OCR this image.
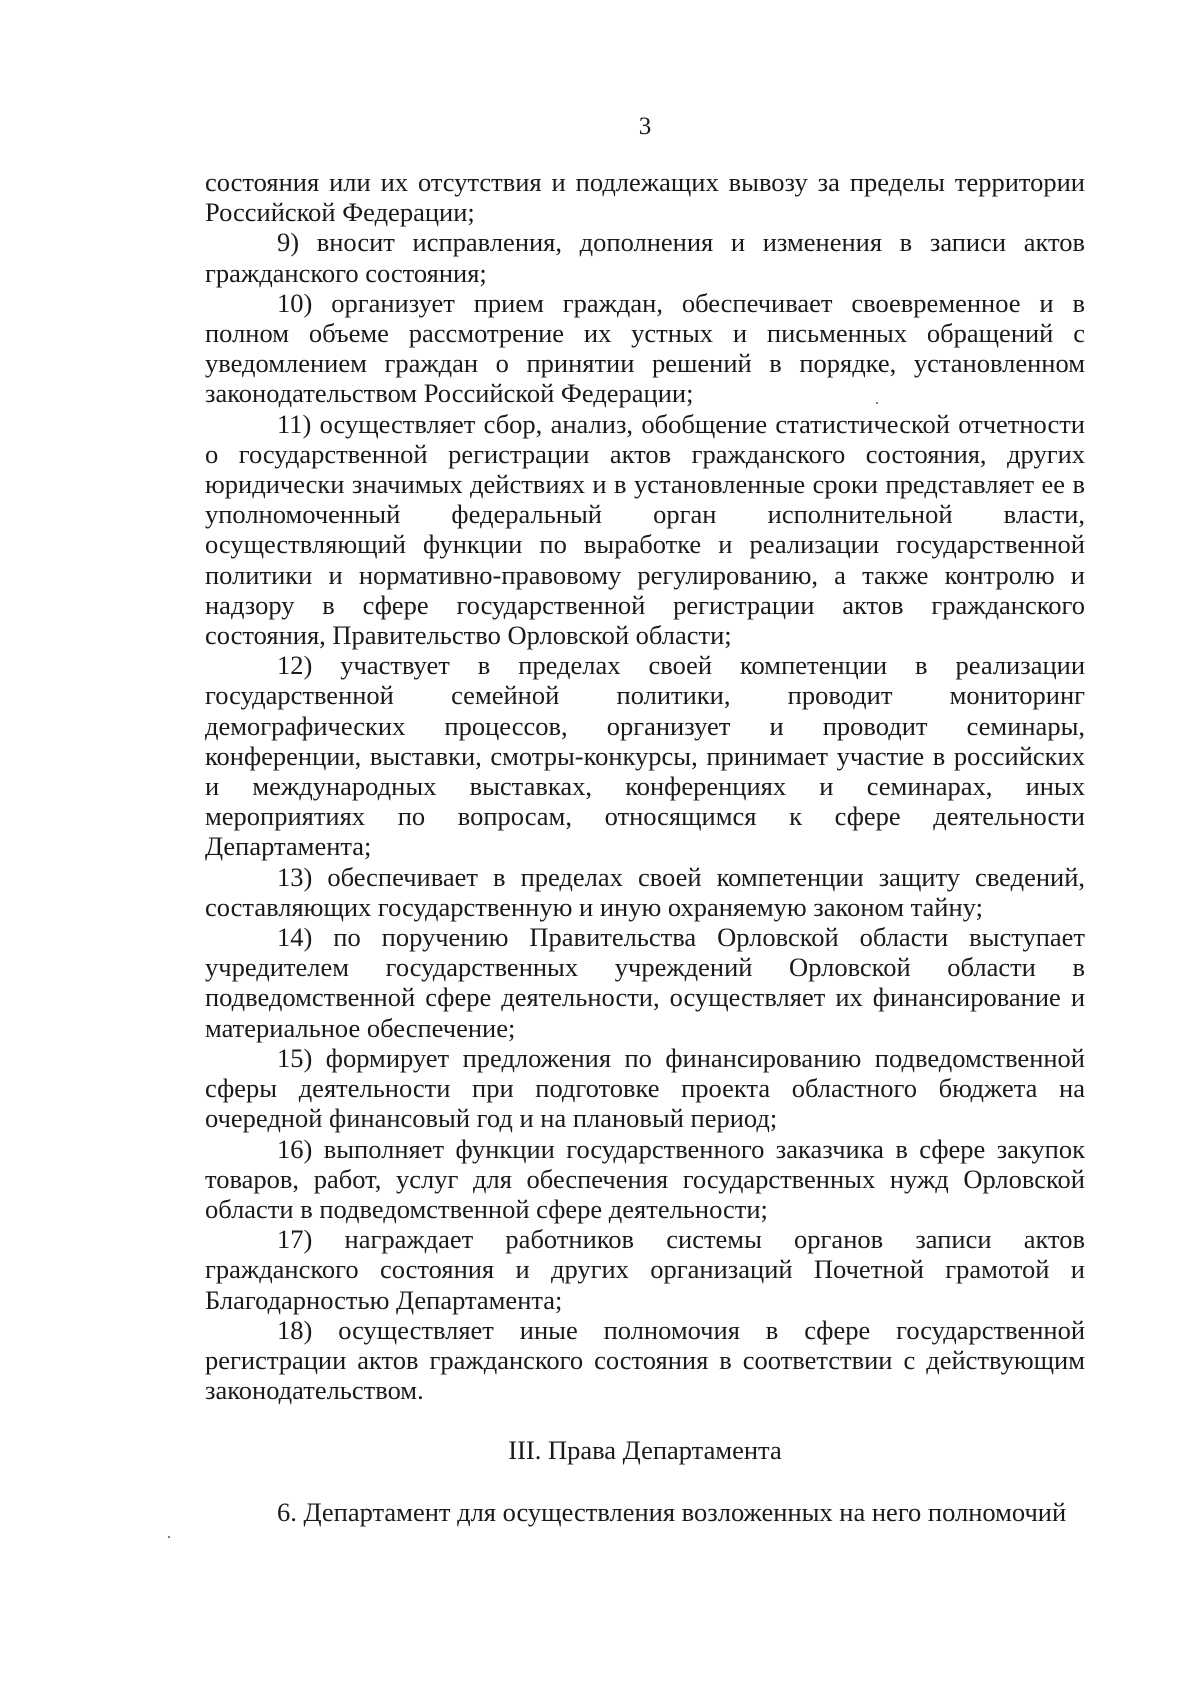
3

состояния или их отсутствия и подлежащих вывозу за пределы территории Российской Федерации;

9) вносит исправления, дополнения и изменения в записи актов гражданского состояния;

10) организует прием граждан, обеспечивает своевременное и в полном объеме рассмотрение их устных и письменных обращений с уведомлением граждан о принятии решений в порядке, установленном законодательством Российской Федерации;

11) осуществляет сбор, анализ, обобщение статистической отчетности о государственной регистрации актов гражданского состояния, других юридически значимых действиях и в установленные сроки представляет ее в уполномоченный федеральный орган исполнительной власти, осуществляющий функции по выработке и реализации государственной политики и нормативно-правовому регулированию, а также контролю и надзору в сфере государственной регистрации актов гражданского состояния, Правительство Орловской области;

12) участвует в пределах своей компетенции в реализации государственной семейной политики, проводит мониторинг демографических процессов, организует и проводит семинары, конференции, выставки, смотры-конкурсы, принимает участие в российских и международных выставках, конференциях и семинарах, иных мероприятиях по вопросам, относящимся к сфере деятельности Департамента;

13) обеспечивает в пределах своей компетенции защиту сведений, составляющих государственную и иную охраняемую законом тайну;

14) по поручению Правительства Орловской области выступает учредителем государственных учреждений Орловской области в подведомственной сфере деятельности, осуществляет их финансирование и материальное обеспечение;

15) формирует предложения по финансированию подведомственной сферы деятельности при подготовке проекта областного бюджета на очередной финансовый год и на плановый период;

16) выполняет функции государственного заказчика в сфере закупок товаров, работ, услуг для обеспечения государственных нужд Орловской области в подведомственной сфере деятельности;

17) награждает работников системы органов записи актов гражданского состояния и других организаций Почетной грамотой и Благодарностью Департамента;

18) осуществляет иные полномочия в сфере государственной регистрации актов гражданского состояния в соответствии с действующим законодательством.

III. Права Департамента

6. Департамент для осуществления возложенных на него полномочий
